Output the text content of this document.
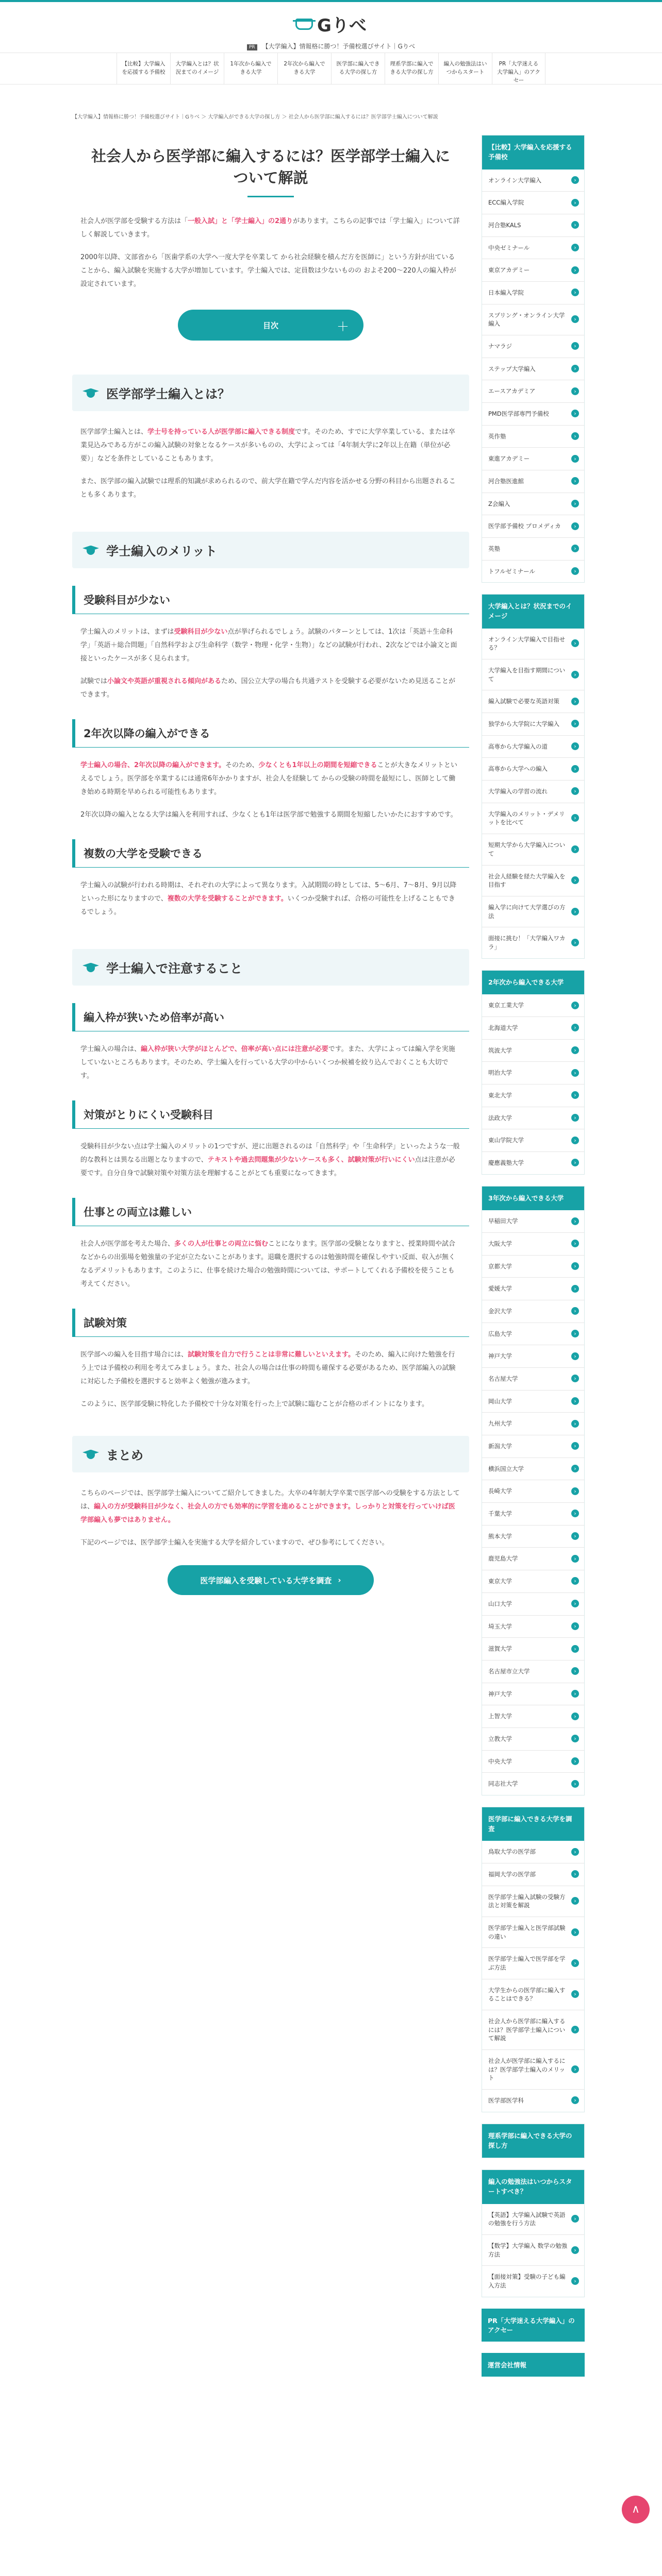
Gりべ
PR 【大学編入】情報格に勝つ！予備校選びサイト｜Gりべ
【比較】大学編入を応援する予備校
大学編入とは？状況まてのイメージ
1年次から編入できる大学
2年次から編入できる大学
医学部に編入できる大学の探し方
理系学部に編入できる大学の探し方
編入の勉強法はいつからスタート
PR「大学迷える大学編入」のアクセー
【大学編入】情報格に勝つ！予備校選びサイト｜Gりべ ＞ 大学編入ができる大学の探し方 ＞ 社会人から医学部に編入するには？医学部学士編入について解説
社会人から医学部に編入するには？医学部学士編入について解説

社会人が医学部を受験する方法は「一般入試」と「学士編入」の2通りがあります。こちらの記事では「学士編入」について詳しく解説していきます。

2000年以降、文部省から「医歯学系の大学へ一度大学を卒業して から社会経験を積んだ方を医師に」という方針が出ていることから、編入試験を実施する大学が増加しています。学士編入では、定員数は少ないものの およそ200〜220人の編入枠が設定されています。

目次	＋
医学部学士編入とは？

医学部学士編入とは、学士号を持っている人が医学部に編入できる制度です。そのため、すでに大学卒業している、または卒業見込みである方がこの編入試験の対象となるケースが多いものの、大学によっては「4年制大学に2年以上在籍（単位が必要）」などを条件としていることもあります。

また、医学部の編入試験では理系的知識が求められるので、前大学在籍で学んだ内容を活かせる分野の科目から出題されることも多くあります。

学士編入のメリット
受験科目が少ない

学士編入のメリットは、まずは受験科目が少ない点が挙げられるでしょう。試験のパターンとしては、1次は「英語＋生命科学」「英語＋総合問題」「自然科学および生命科学（数学・物理・化学・生物）」などの試験が行われ、2次などでは小論文と面接といったケースが多く見られます。

試験では小論文や英語が重視される傾向があるため、国公立大学の場合も共通テストを受験する必要がないため見送ることができます。

2年次以降の編入ができる

学士編入の場合、2年次以降の編入ができます。そのため、少なくとも1年以上の期間を短縮できることが大きなメリットといえるでしょう。医学部を卒業するには通常6年かかりますが、社会人を経験して からの受験の時間を最短にし、医師として働き始める時期を早められる可能性もあります。

2年次以降の編入となる大学は編入を利用すれば、少なくとも1年は医学部で勉強する期間を短縮したいかたにおすすめです。

複数の大学を受験できる

学士編入の試験が行われる時期は、それぞれの大学によって異なります。入試期間の時としては、5〜6月、7〜8月、9月以降といった形になりますので、複数の大学を受験することができます。いくつか受験すれば、合格の可能性を上げることもできるでしょう。

学士編入で注意すること
編入枠が狭いため倍率が高い

学士編入の場合は、編入枠が狭い大学がほとんどで、倍率が高い点には注意が必要です。また、大学によっては編入学を実施していないところもあります。そのため、学士編入を行っている大学の中からいくつか候補を絞り込んでおくことも大切です。

対策がとりにくい受験科目

受験科目が少ない点は学士編入のメリットの1つですが、逆に出題されるのは「自然科学」や「生命科学」といったような一般的な教科とは異なる出題となりますので、テキストや過去問題集が少ないケースも多く、試験対策が行いにくい点は注意が必要です。自分自身で試験対策や対策方法を理解することがとても重要になってきます。

仕事との両立は難しい

社会人が医学部を考えた場合、多くの人が仕事との両立に悩むことになります。医学部の受験となりますと、授業時間や試合などからの出張場を勉強量の予定が立たないことがあります。退職を選択するのは勉強時間を確保しやすい反面、収入が無くなるデメリットもあります。このように、仕事を続けた場合の勉強時間については、サポートしてくれる予備校を使うことも考えてください。

試験対策

医学部への編入を目指す場合には、試験対策を自力で行うことは非常に難しいといえます。そのため、編入に向けた勉強を行う上では予備校の利用を考えてみましょう。また、社会人の場合は仕事の時間も確保する必要があるため、医学部編入の試験に対応した予備校を選択すると効率よく勉強が進みます。

このように、医学部受験に特化した予備校で十分な対策を行った上で試験に臨むことが合格のポイントになります。

まとめ

こちらのページでは、医学部学士編入についてご紹介してきました。大卒の4年制大学卒業で医学部への受験をする方法としては、編入の方が受験科目が少なく、社会人の方でも効率的に学習を進めることができます。しっかりと対策を行っていけば医学部編入も夢ではありません。

下記のページでは、医学部学士編入を実施する大学を紹介していますので、ぜひ参考にしてください。

医学部編入を受験している大学を調査 ›
【比較】大学編入を応援する予備校
オンライン大学編入 ›
ECC編入学院 ›
河合塾KALS ›
中央ゼミナール ›
東京アカデミー ›
日本編入学院 ›
スプリング・オンライン大学編入 ›
ナマラジ ›
ステップ大学編入 ›
エースアカデミア ›
PMD医学部専門予備校 ›
英作塾 ›
東進アカデミー ›
河合塾医進館 ›
Z会編入 ›
医学部予備校 プロメディカ ›
英塾 ›
トフルゼミナール ›
大学編入とは？状況までのイメージ
オンライン大学編入で目指せる？ ›
大学編入を目指す期間について ›
編入試験で必要な英語対策 ›
独学から大学院に大学編入 ›
高専から大学編入の道 ›
高専から大学への編入 ›
大学編入の学習の流れ ›
大学編入のメリット・デメリットを比べて ›
短期大学から大学編入について ›
社会人経験を経た大学編入を目指す ›
編入学に向けて大学選びの方法 ›
面接に挑む！「大学編入ワカラ」 ›
2年次から編入できる大学
東京工業大学 ›
北海道大学 ›
筑波大学 ›
明治大学 ›
東北大学 ›
法政大学 ›
東山学院大学 ›
慶應義塾大学 ›
3年次から編入できる大学
早稲田大学 ›
大阪大学 ›
京都大学 ›
愛媛大学 ›
金沢大学 ›
広島大学 ›
神戸大学 ›
名古屋大学 ›
岡山大学 ›
九州大学 ›
新潟大学 ›
横浜国立大学 ›
長崎大学 ›
千葉大学 ›
熊本大学 ›
鹿児島大学 ›
東京大学 ›
山口大学 ›
埼玉大学 ›
滋賀大学 ›
名古屋市立大学 ›
神戸大学 ›
上智大学 ›
立教大学 ›
中央大学 ›
同志社大学 ›
医学部に編入できる大学を調査
鳥取大学の医学部 ›
福岡大学の医学部 ›
医学部学士編入試験の受験方法と対策を解説 ›
医学部学士編入と医学部試験の違い ›
医学部学士編入で医学部を学ぶ方法 ›
大学生からの医学部に編入することはできる？ ›
社会人から医学部に編入するには？医学部学士編入について解説 ›
社会人が医学部に編入するには？医学部学士編入のメリット ›
医学部医学科 ›
理系学部に編入できる大学の探し方
編入の勉強法はいつからスタートすべき？
【英語】大学編入試験で英語の勉強を行う方法 ›
【数学】大学編入 数学の勉強方法 ›
【面接対策】受験の子ども編入方法 ›
PR「大学迷える大学編入」のアクセー
運営会社情報
∧
